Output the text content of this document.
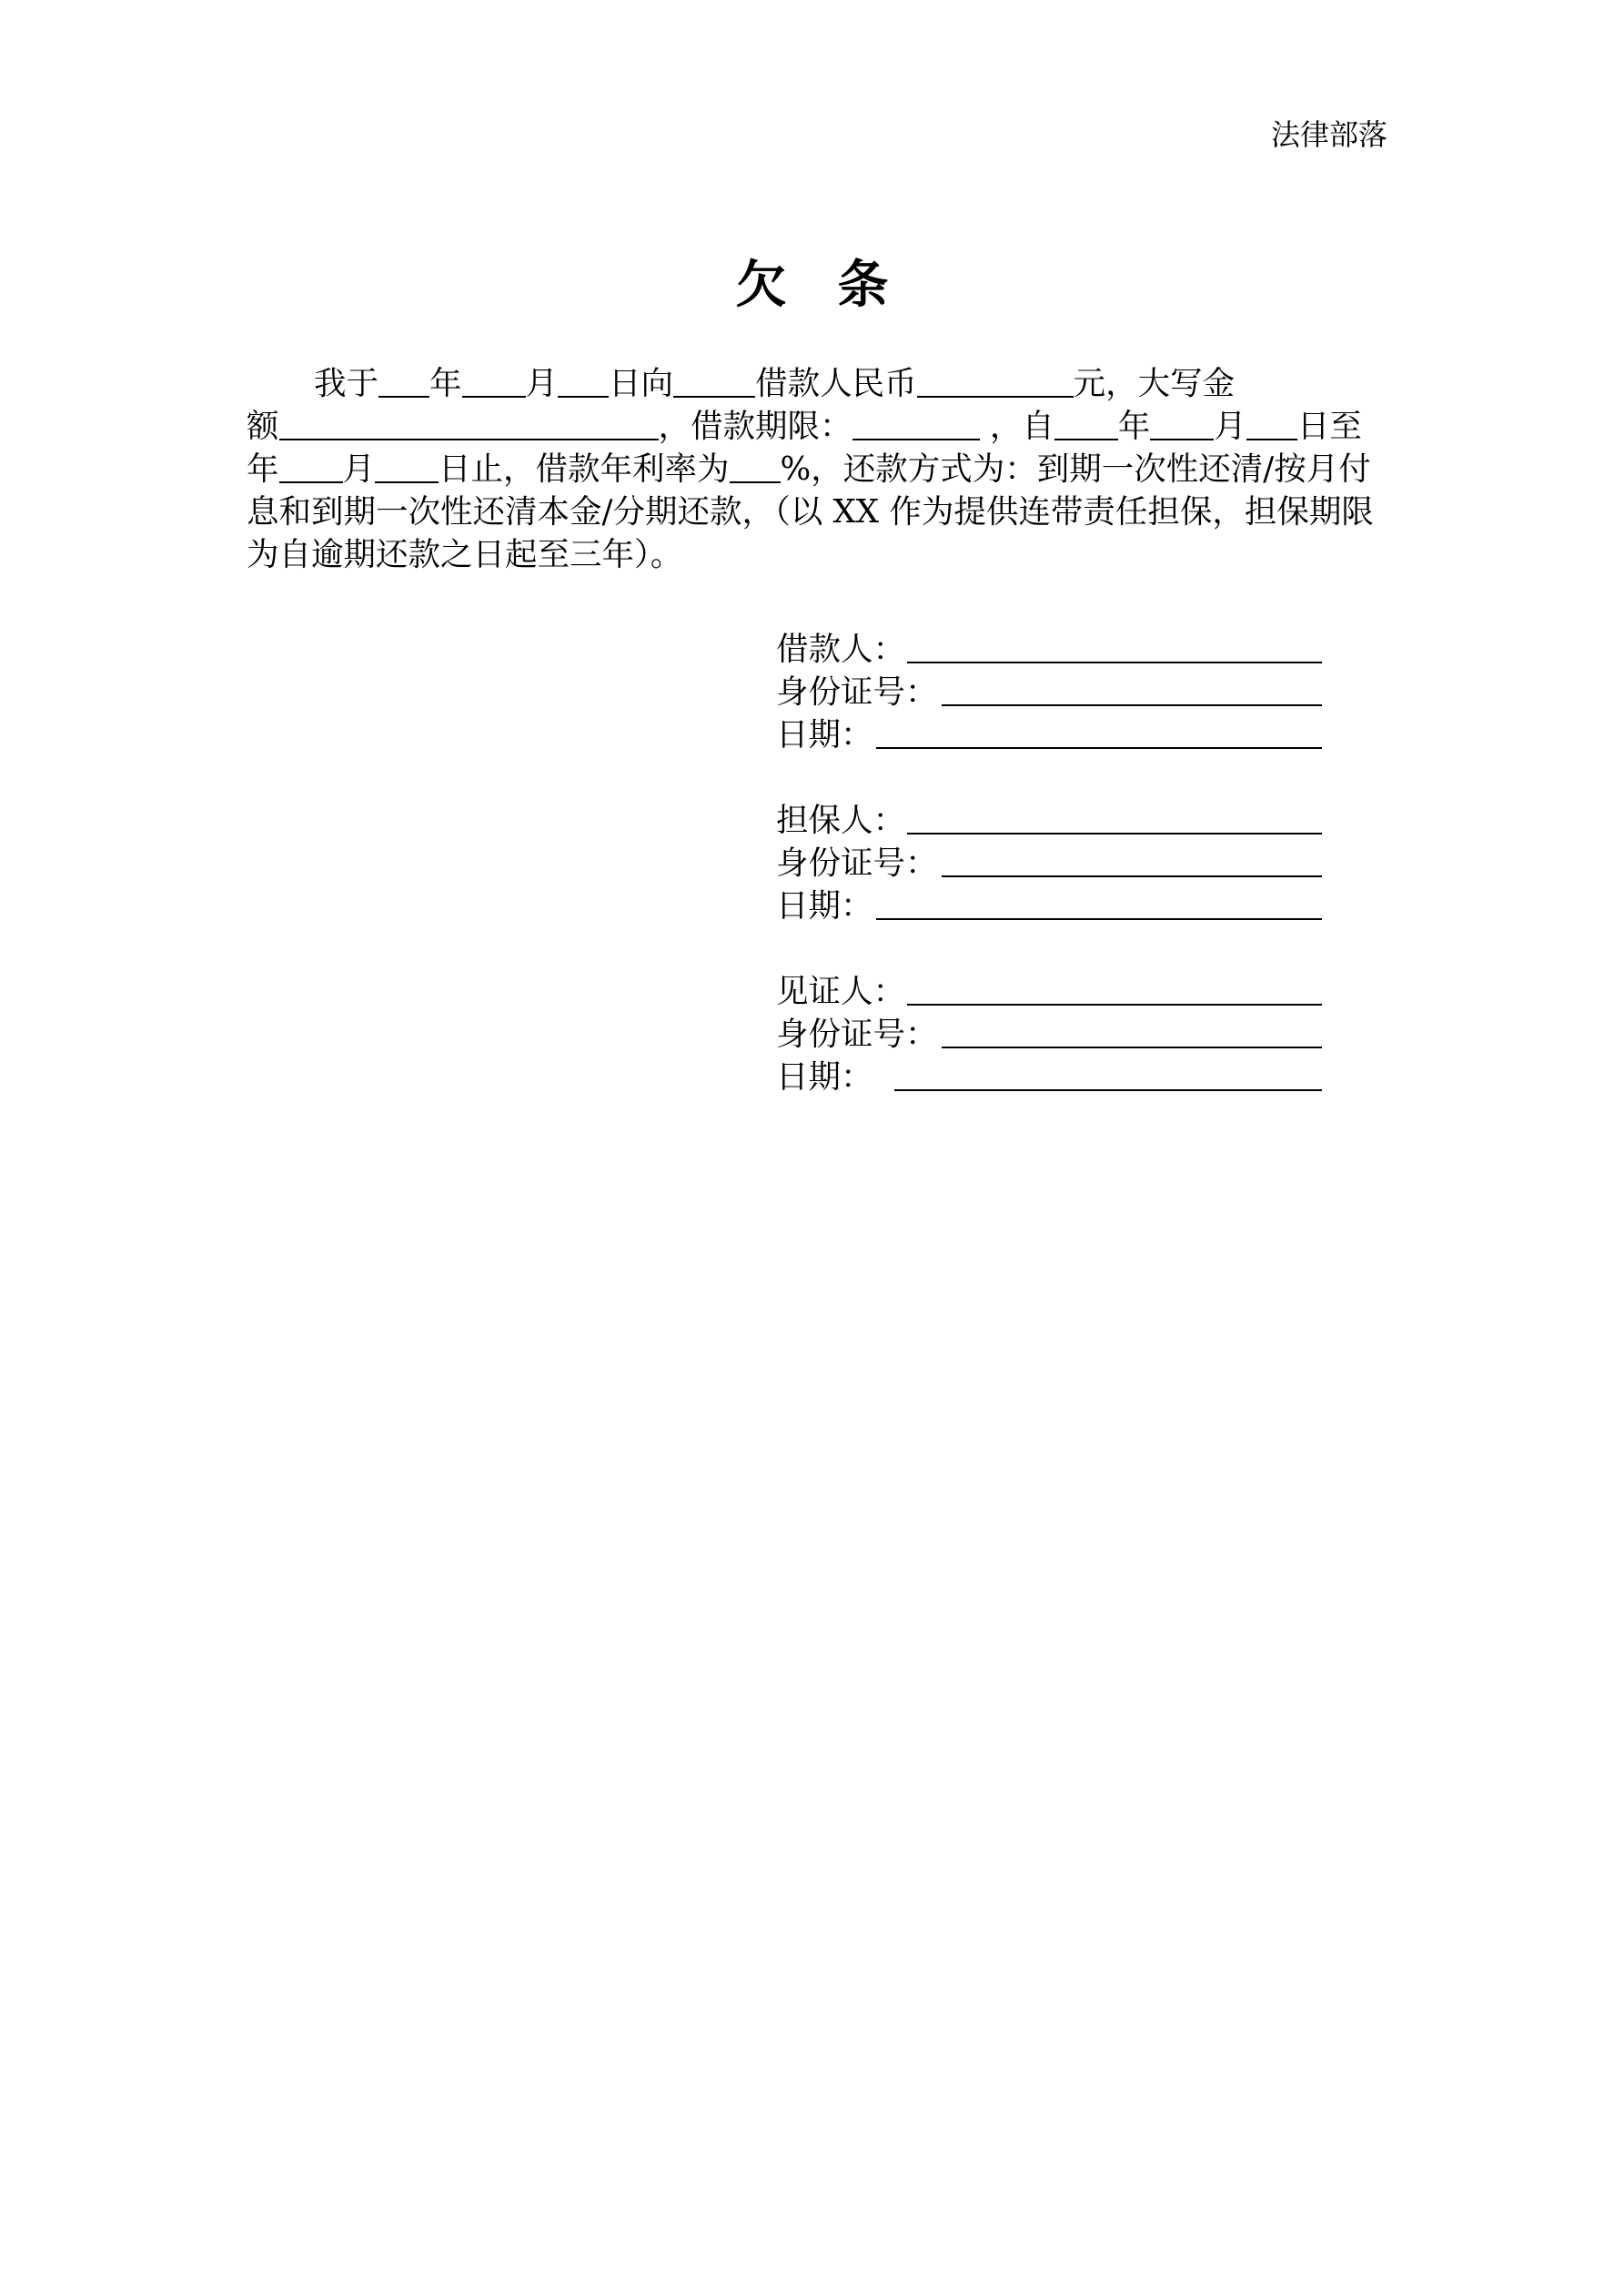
法律部落
欠条
我于 年 月 日向	借款人民币	元，大写金
额	，借款期限：	，自 年 月 日至
年 月 日止，借款年利率为 %，还款方式为：到期一次性还清/按月付
息和到期一次性还清本金/分期还款，（以 XX 作为提供连带责任担保，担保期限
为自逾期还款之日起至三年）。
借款人：
身份证号：
日期：
担保人：
身份证号：
日期：
见证人：
身份证号：
日期：
